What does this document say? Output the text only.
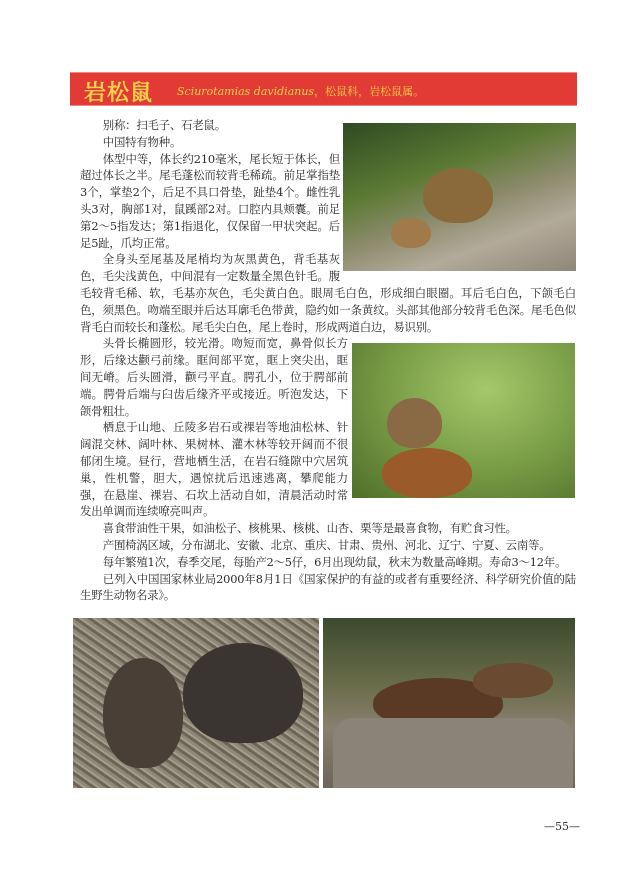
岩松鼠 Sciurotamias davidianus，松鼠科，岩松鼠属。

别称：扫毛子、石老鼠。

中国特有物种。

体型中等，体长约210毫米，尾长短于体长，但超过体长之半。尾毛蓬松而较背毛稀疏。前足掌指垫3个，掌垫2个，后足不具口骨垫，趾垫4个。雌性乳头3对，胸部1对，鼠蹊部2对。口腔内具颊囊。前足第2～5指发达；第1指退化，仅保留一甲状突起。后足5趾，爪均正常。

全身头至尾基及尾梢均为灰黑黄色，背毛基灰色，毛尖浅黄色，中间混有一定数量全黑色针毛。腹毛较背毛稀、软，毛基亦灰色，毛尖黄白色。眼周毛白色，形成细白眼圈。耳后毛白色，下颌毛白色，须黑色。吻端至眼并后达耳廓毛色带黄，隐约如一条黄纹。头部其他部分较背毛色深。尾毛色似背毛白而较长和蓬松。尾毛尖白色，尾上卷时，形成两道白边，易识别。

头骨长椭圆形，较光滑。吻短而宽，鼻骨似长方形，后缘达颧弓前缘。眶间部平宽，眶上突尖出，眶间无嵴。后头圆滑，颧弓平直。腭孔小，位于腭部前端。腭骨后端与臼齿后缘齐平或接近。听泡发达，下颌骨粗壮。

栖息于山地、丘陵多岩石或裸岩等地油松林、针阔混交林、阔叶林、果树林、灌木林等较开阔而不很郁闭生境。昼行，营地栖生活，在岩石缝隙中穴居筑巢，性机警，胆大，遇惊扰后迅速逃离，攀爬能力强，在悬崖、裸岩、石坎上活动自如，清晨活动时常发出单调而连续嘹亮叫声。

喜食带油性干果，如油松子、核桃果、核桃、山杏、栗等是最喜食物，有贮食习性。

产囿椅涡区域，分布湖北、安徽、北京、重庆、甘肃、贵州、河北、辽宁、宁夏、云南等。

每年繁殖1次，春季交尾，每胎产2～5仔，6月出现幼鼠，秋末为数量高峰期。寿命3～12年。

已列入中国国家林业局2000年8月1日《国家保护的有益的或者有重要经济、科学研究价值的陆生野生动物名录》。

—55—
